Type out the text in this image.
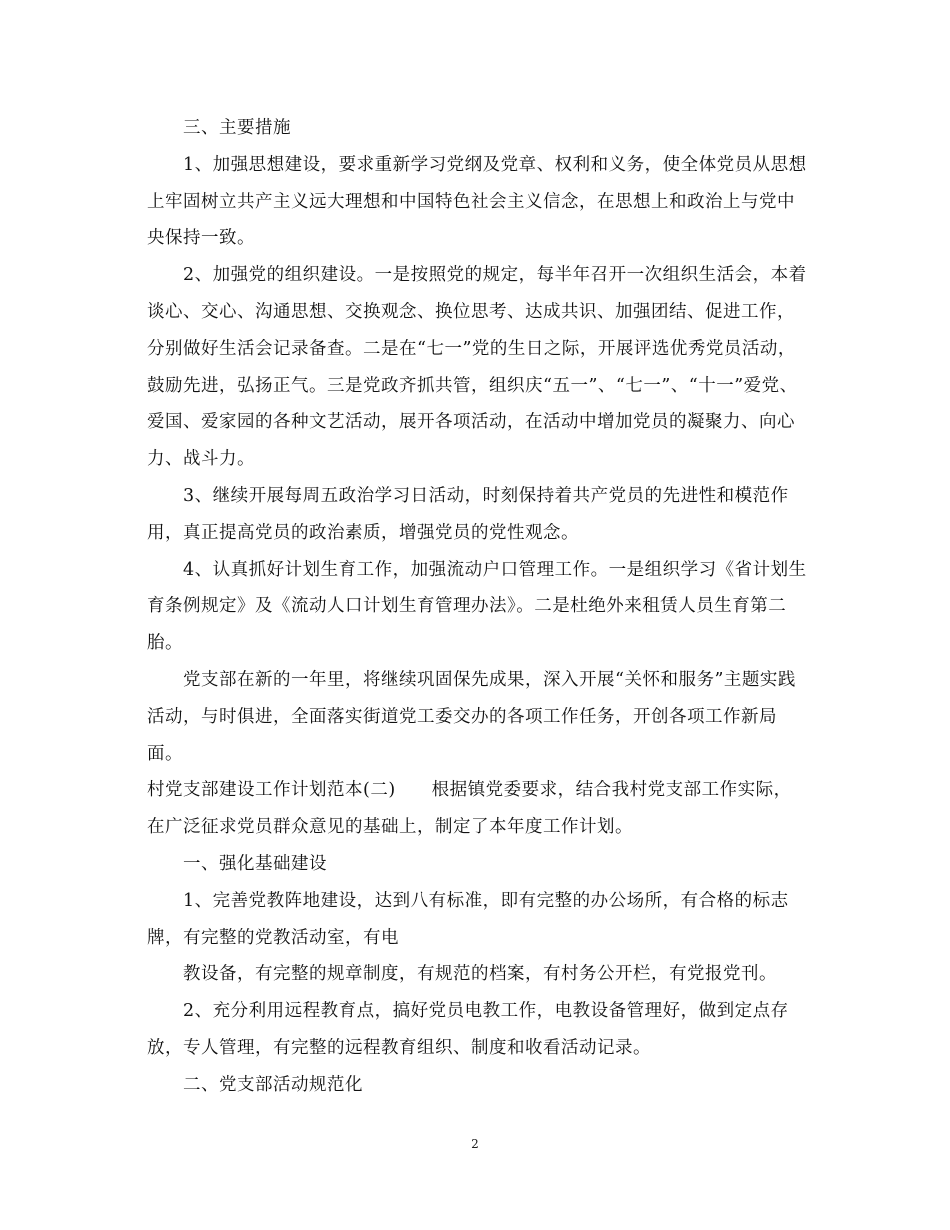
三、主要措施

1、加强思想建设，要求重新学习党纲及党章、权利和义务，使全体党员从思想上牢固树立共产主义远大理想和中国特色社会主义信念，在思想上和政治上与党中央保持一致。

2、加强党的组织建设。一是按照党的规定，每半年召开一次组织生活会，本着谈心、交心、沟通思想、交换观念、换位思考、达成共识、加强团结、促进工作，分别做好生活会记录备查。二是在“七一”党的生日之际，开展评选优秀党员活动，鼓励先进，弘扬正气。三是党政齐抓共管，组织庆“五一”、“七一”、“十一”爱党、爱国、爱家园的各种文艺活动，展开各项活动，在活动中增加党员的凝聚力、向心力、战斗力。

3、继续开展每周五政治学习日活动，时刻保持着共产党员的先进性和模范作用，真正提高党员的政治素质，增强党员的党性观念。

4、认真抓好计划生育工作，加强流动户口管理工作。一是组织学习《省计划生育条例规定》及《流动人口计划生育管理办法》。二是杜绝外来租赁人员生育第二胎。

党支部在新的一年里，将继续巩固保先成果，深入开展“关怀和服务”主题实践活动，与时俱进，全面落实街道党工委交办的各项工作任务，开创各项工作新局面。

村党支部建设工作计划范本(二) 根据镇党委要求，结合我村党支部工作实际，在广泛征求党员群众意见的基础上，制定了本年度工作计划。

一、强化基础建设

1、完善党教阵地建设，达到八有标准，即有完整的办公场所，有合格的标志牌，有完整的党教活动室，有电

教设备，有完整的规章制度，有规范的档案，有村务公开栏，有党报党刊。

2、充分利用远程教育点，搞好党员电教工作，电教设备管理好，做到定点存放，专人管理，有完整的远程教育组织、制度和收看活动记录。

二、党支部活动规范化

2
